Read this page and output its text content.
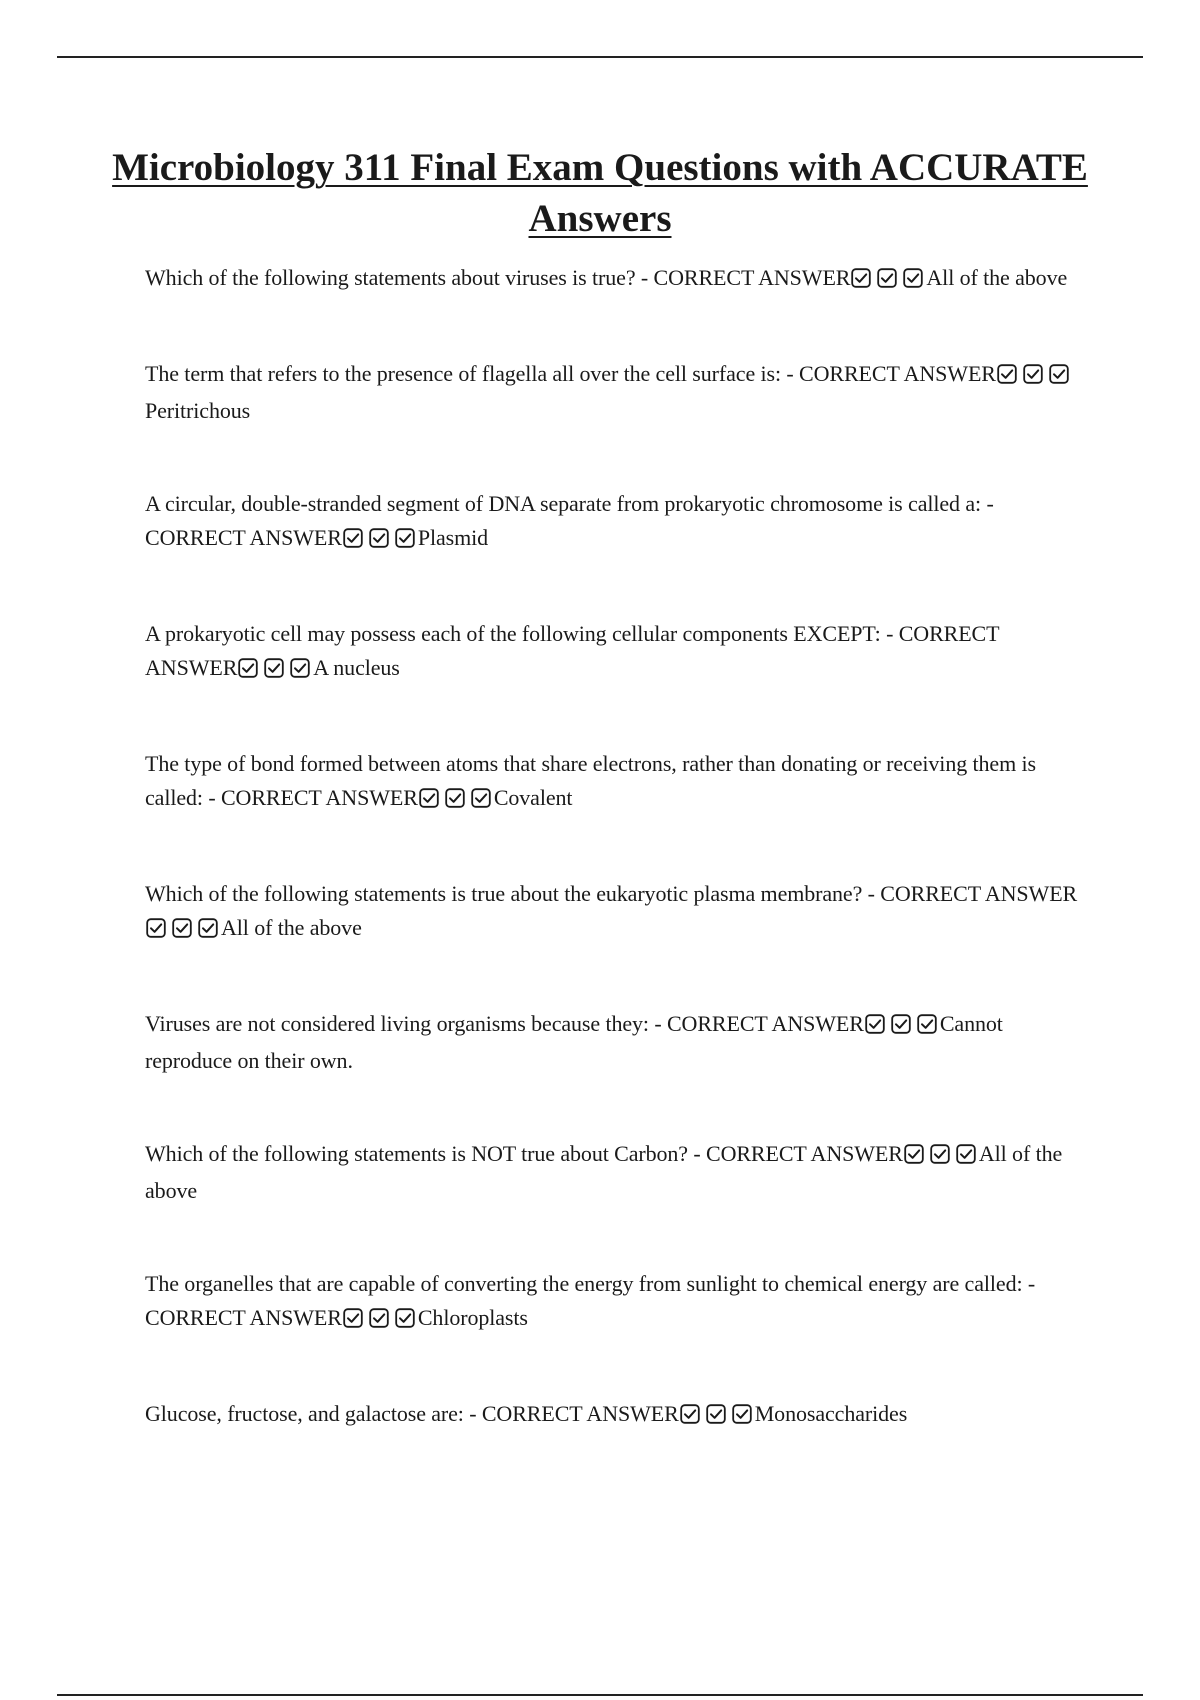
Microbiology 311 Final Exam Questions with ACCURATE Answers
Which of the following statements about viruses is true? - CORRECT ANSWER	All of the above
The term that refers to the presence of flagella all over the cell surface is: - CORRECT ANSWER
Peritrichous
A circular, double-stranded segment of DNA separate from prokaryotic chromosome is called a: - CORRECT ANSWER	Plasmid
A prokaryotic cell may possess each of the following cellular components EXCEPT: - CORRECT ANSWER	A nucleus
The type of bond formed between atoms that share electrons, rather than donating or receiving them is called: - CORRECT ANSWER	Covalent
Which of the following statements is true about the eukaryotic plasma membrane? - CORRECT ANSWER
All of the above
Viruses are not considered living organisms because they: - CORRECT ANSWER	Cannot reproduce on their own.
Which of the following statements is NOT true about Carbon? - CORRECT ANSWER	All of the above
The organelles that are capable of converting the energy from sunlight to chemical energy are called: - CORRECT ANSWER	Chloroplasts
Glucose, fructose, and galactose are: - CORRECT ANSWER	Monosaccharides
